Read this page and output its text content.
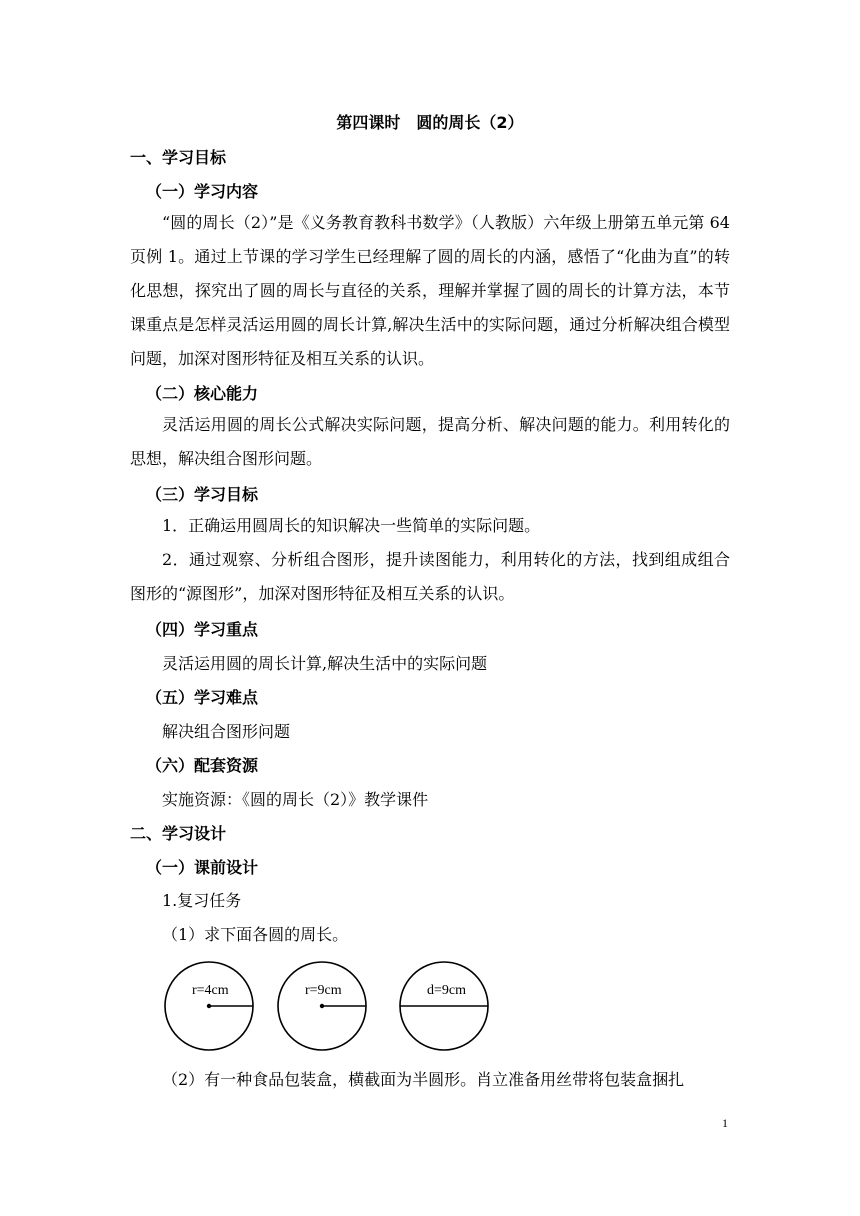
第四课时　圆的周长（2）
一、学习目标
（一）学习内容
“圆的周长（2）”是《义务教育教科书数学》（人教版）六年级上册第五单元第 64 页例 1。通过上节课的学习学生已经理解了圆的周长的内涵，感悟了“化曲为直”的转化思想，探究出了圆的周长与直径的关系，理解并掌握了圆的周长的计算方法，本节课重点是怎样灵活运用圆的周长计算,解决生活中的实际问题，通过分析解决组合模型问题，加深对图形特征及相互关系的认识。
（二）核心能力
灵活运用圆的周长公式解决实际问题，提高分析、解决问题的能力。利用转化的思想，解决组合图形问题。
（三）学习目标
1．正确运用圆周长的知识解决一些简单的实际问题。
2．通过观察、分析组合图形，提升读图能力，利用转化的方法，找到组成组合图形的“源图形”，加深对图形特征及相互关系的认识。
（四）学习重点
灵活运用圆的周长计算,解决生活中的实际问题
（五）学习难点
解决组合图形问题
（六）配套资源
实施资源：《圆的周长（2）》教学课件
二、学习设计
（一）课前设计
1.复习任务
（1）求下面各圆的周长。
r=4cm	r=9cm	d=9cm
（2）有一种食品包装盒，横截面为半圆形。肖立准备用丝带将包装盒捆扎
1
